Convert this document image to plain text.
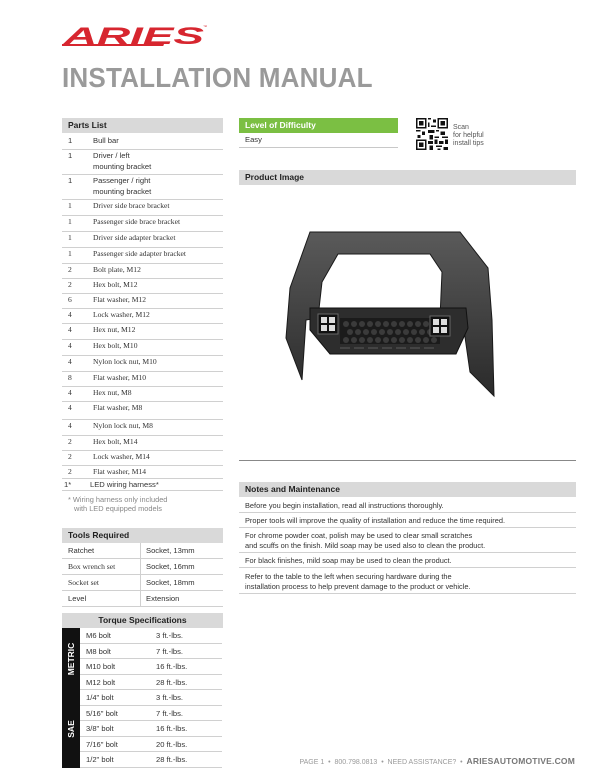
ARIES
™
INSTALLATION MANUAL
Parts List
1	Bull bar
1	Driver / left
mounting bracket
1	Passenger / right
mounting bracket
1	Driver side brace bracket
1	Passenger side brace bracket
1	Driver side adapter bracket
1	Passenger side adapter bracket
2	Bolt plate, M12
2	Hex bolt, M12
6	Flat washer, M12
4	Lock washer, M12
4	Hex nut, M12
4	Hex bolt, M10
4	Nylon lock nut, M10
8	Flat washer, M10
4	Hex nut, M8
4	Flat washer, M8
4	Nylon lock nut, M8
2	Hex bolt, M14
2	Lock washer, M14
2	Flat washer, M14
1* LED wiring harness*
* Wiring harness only included
with LED equipped models
Level of Difficulty
Easy
Scan
for helpful
install tips
Product Image
Notes and Maintenance
Before you begin installation, read all instructions thoroughly.
Proper tools will improve the quality of installation and reduce the time required.
For chrome powder coat, polish may be used to clear small scratches
and scuffs on the finish. Mild soap may be used also to clean the product.
For black finishes, mild soap may be used to clean the product.
Refer to the table to the left when securing hardware during the
installation process to help prevent damage to the product or vehicle.
Tools Required
Ratchet	Socket, 13mm
Box wrench set	Socket, 16mm
Socket set	Socket, 18mm
Level	Extension
Torque Specifications
METRIC
SAE
M6 bolt	3 ft.-lbs.
M8 bolt	7 ft.-lbs.
M10 bolt	16 ft.-lbs.
M12 bolt	28 ft.-lbs.
1/4" bolt	3 ft.-lbs.
5/16" bolt	7 ft.-lbs.
3/8" bolt	16 ft.-lbs.
7/16" bolt	20 ft.-lbs.
1/2" bolt	28 ft.-lbs.	PAGE 1  •  800.798.0813  •  NEED ASSISTANCE?  •  ARIESAUTOMOTIVE.COM
